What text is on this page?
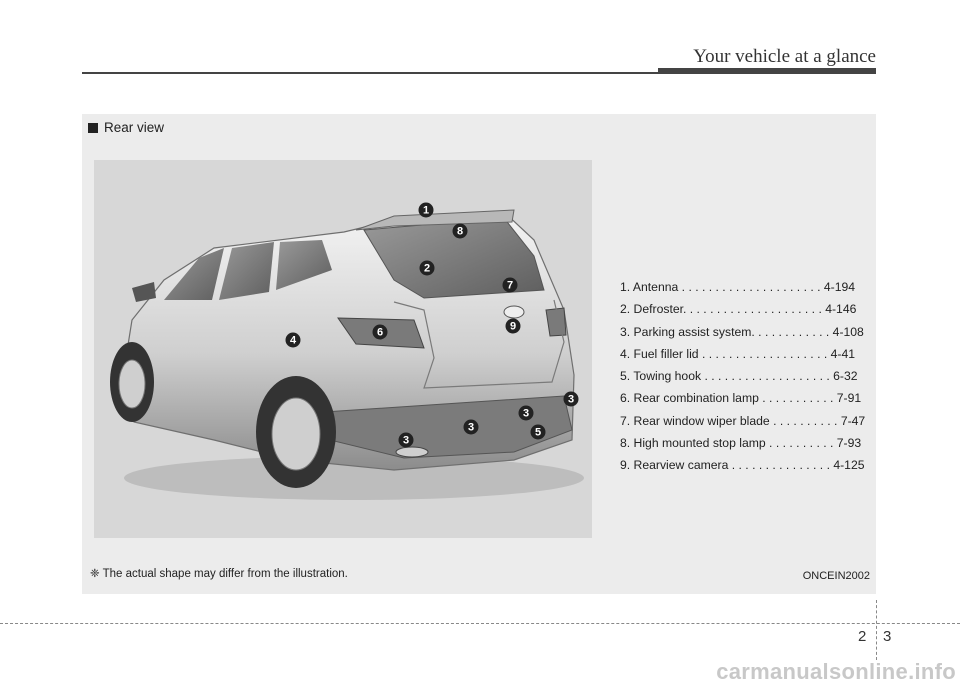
Your vehicle at a glance
Rear view
1
8
2
7
9
6
4
3
3
3
3
5
1. Antenna . . . . . . . . . . . . . . . . . . . . . 4-194
2. Defroster. . . . . . . . . . . . . . . . . . . . . 4-146
3. Parking assist system. . . . . . . . . . . . 4-108
4. Fuel filler lid . . . . . . . . . . . . . . . . . . . 4-41
5. Towing hook . . . . . . . . . . . . . . . . . . . 6-32
6. Rear combination lamp . . . . . . . . . . . 7-91
7. Rear window wiper blade . . . . . . . . . . 7-47
8. High mounted stop lamp . . . . . . . . . . 7-93
9. Rearview camera . . . . . . . . . . . . . . . 4-125
❈ The actual shape may differ from the illustration.	ONCEIN2002
2 3
carmanualsonline.info
